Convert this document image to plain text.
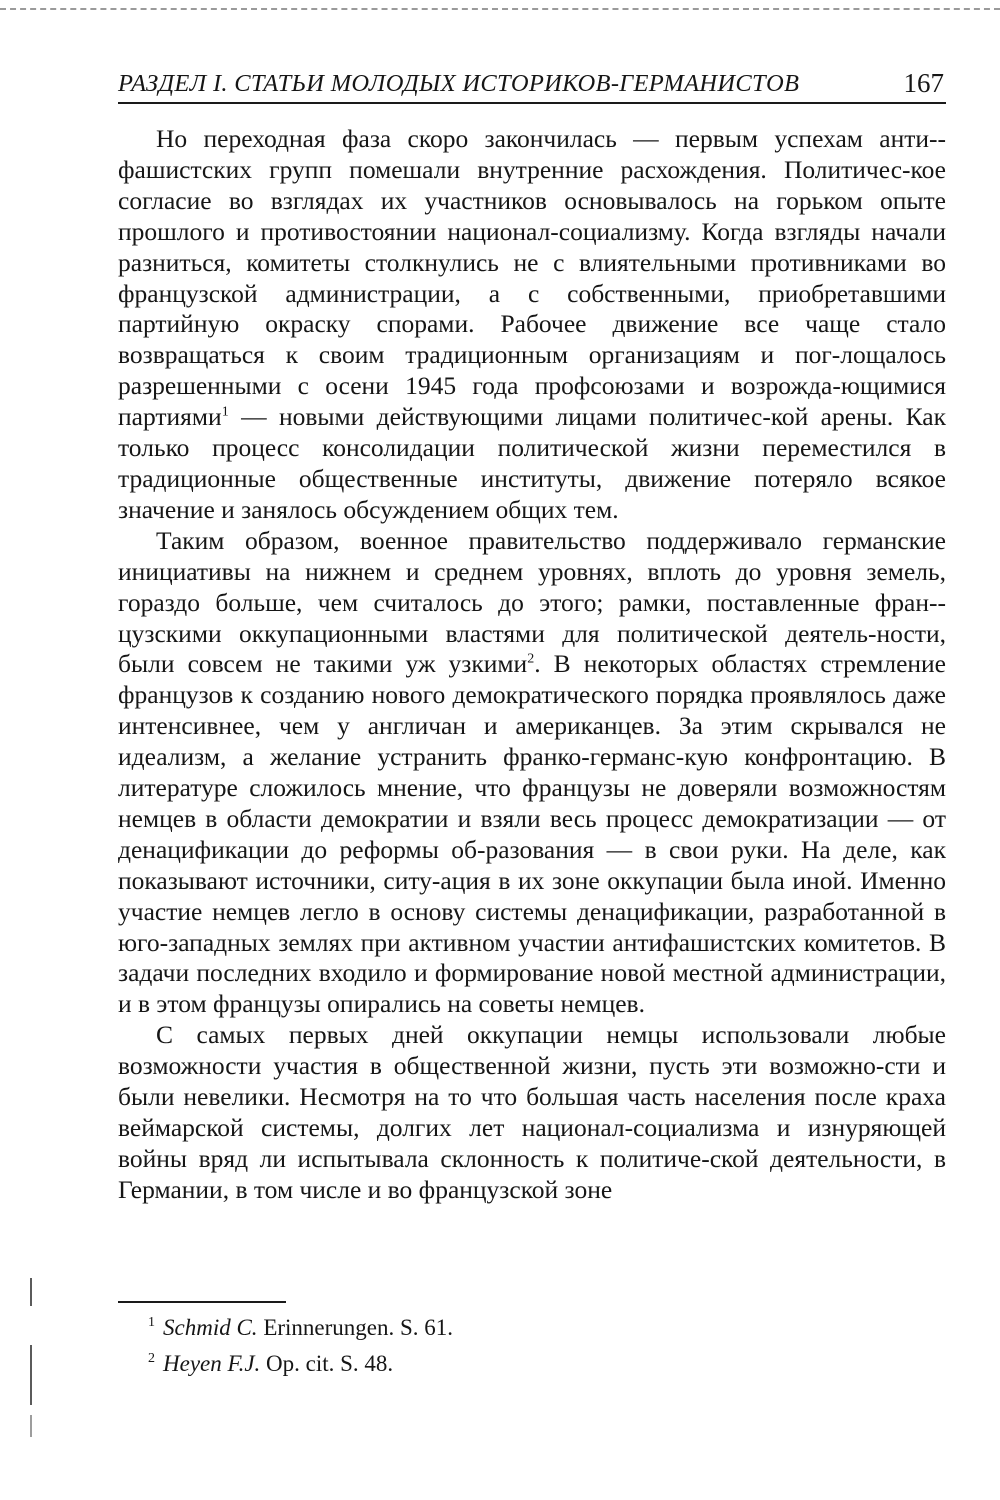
РАЗДЕЛ I. СТАТЬИ МОЛОДЫХ ИСТОРИКОВ-ГЕРМАНИСТОВ	167

Но переходная фаза скоро закончилась — первым успехам анти-фашистских групп помешали внутренние расхождения. Политичес-кое согласие во взглядах их участников основывалось на горьком опыте прошлого и противостоянии национал-социализму. Когда взгляды начали разниться, комитеты столкнулись не с влиятельными противниками во французской администрации, а с собственными, приобретавшими партийную окраску спорами. Рабочее движение все чаще стало возвращаться к своим традиционным организациям и пог-лощалось разрешенными с осени 1945 года профсоюзами и возрожда-ющимися партиями$^1$ — новыми действующими лицами политичес-кой арены. Как только процесс консолидации политической жизни переместился в традиционные общественные институты, движение потеряло всякое значение и занялось обсуждением общих тем.

Таким образом, военное правительство поддерживало германские инициативы на нижнем и среднем уровнях, вплоть до уровня земель, гораздо больше, чем считалось до этого; рамки, поставленные фран-цузскими оккупационными властями для политической деятель-ности, были совсем не такими уж узкими$^2$. В некоторых областях стремление французов к созданию нового демократического порядка проявлялось даже интенсивнее, чем у англичан и американцев. За этим скрывался не идеализм, а желание устранить франко-германс-кую конфронтацию. В литературе сложилось мнение, что французы не доверяли возможностям немцев в области демократии и взяли весь процесс демократизации — от денацификации до реформы об-разования — в свои руки. На деле, как показывают источники, ситу-ация в их зоне оккупации была иной. Именно участие немцев легло в основу системы денацификации, разработанной в юго-западных землях при активном участии антифашистских комитетов. В задачи последних входило и формирование новой местной администрации, и в этом французы опирались на советы немцев.

С самых первых дней оккупации немцы использовали любые возможности участия в общественной жизни, пусть эти возможно-сти и были невелики. Несмотря на то что большая часть населения после краха веймарской системы, долгих лет национал-социализма и изнуряющей войны вряд ли испытывала склонность к политиче-ской деятельности, в Германии, в том числе и во французской зоне

$^1$ Schmid C. Erinnerungen. S. 61.
$^2$ Heyen F.J. Op. cit. S. 48.
